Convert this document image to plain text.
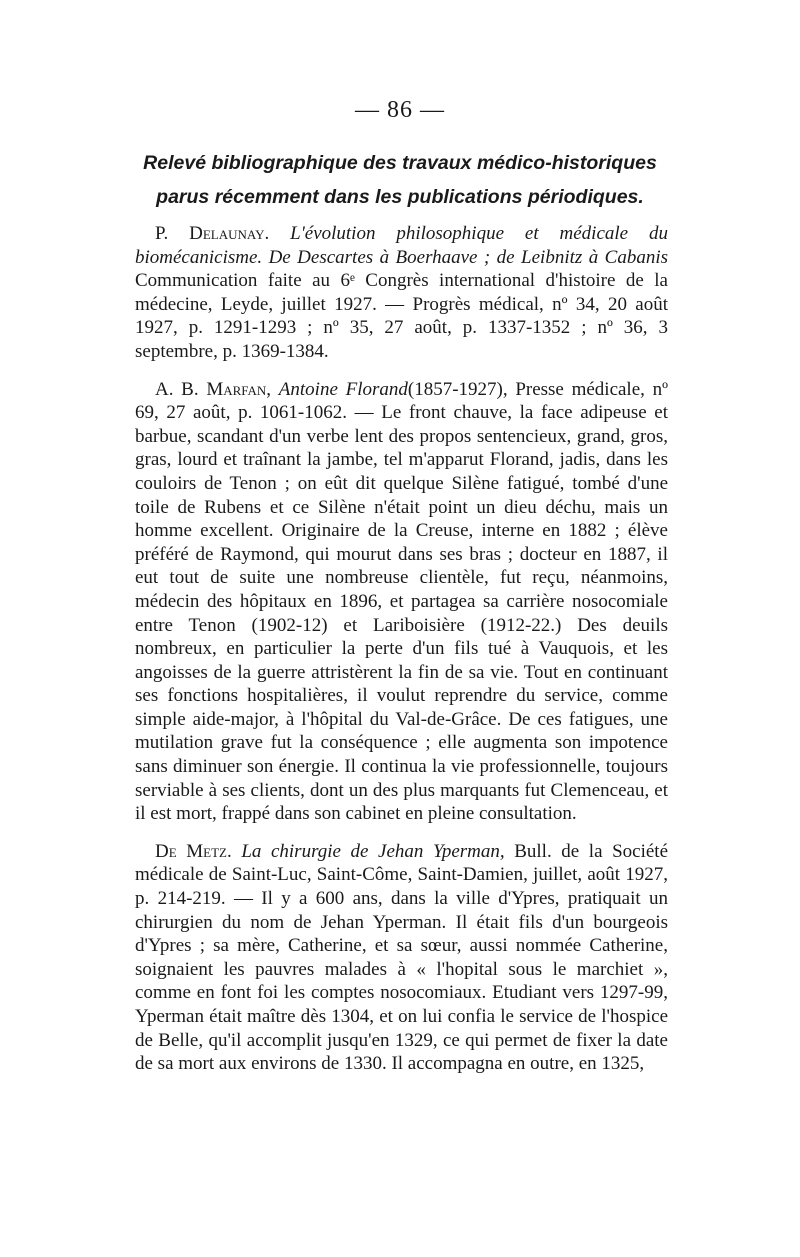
— 86 —
Relevé bibliographique des travaux médico-historiques
parus récemment dans les publications périodiques.

P. Delaunay. L'évolution philosophique et médicale du biomécanicisme. De Descartes à Boerhaave ; de Leibnitz à Cabanis Communication faite au 6ᵉ Congrès international d'histoire de la médecine, Leyde, juillet 1927. — Progrès médical, nº 34, 20 août 1927, p. 1291-1293 ; nº 35, 27 août, p. 1337-1352 ; nº 36, 3 septembre, p. 1369-1384.

A. B. Marfan, Antoine Florand(1857-1927), Presse médicale, nº 69, 27 août, p. 1061-1062. — Le front chauve, la face adipeuse et barbue, scandant d'un verbe lent des propos sentencieux, grand, gros, gras, lourd et traînant la jambe, tel m'apparut Florand, jadis, dans les couloirs de Tenon ; on eût dit quelque Silène fatigué, tombé d'une toile de Rubens et ce Silène n'était point un dieu déchu, mais un homme excellent. Originaire de la Creuse, interne en 1882 ; élève préféré de Raymond, qui mourut dans ses bras ; docteur en 1887, il eut tout de suite une nombreuse clientèle, fut reçu, néanmoins, médecin des hôpitaux en 1896, et partagea sa carrière nosocomiale entre Tenon (1902-12) et Lariboisière (1912-22.) Des deuils nombreux, en particulier la perte d'un fils tué à Vauquois, et les angoisses de la guerre attristèrent la fin de sa vie. Tout en continuant ses fonctions hospitalières, il voulut reprendre du service, comme simple aide-major, à l'hôpital du Val-de-Grâce. De ces fatigues, une mutilation grave fut la conséquence ; elle augmenta son impotence sans diminuer son énergie. Il continua la vie professionnelle, toujours serviable à ses clients, dont un des plus marquants fut Clemenceau, et il est mort, frappé dans son cabinet en pleine consultation.

De Metz. La chirurgie de Jehan Yperman, Bull. de la Société médicale de Saint-Luc, Saint-Côme, Saint-Damien, juillet, août 1927, p. 214-219. — Il y a 600 ans, dans la ville d'Ypres, pratiquait un chirurgien du nom de Jehan Yperman. Il était fils d'un bourgeois d'Ypres ; sa mère, Catherine, et sa sœur, aussi nommée Catherine, soignaient les pauvres malades à « l'hopital sous le marchiet », comme en font foi les comptes nosocomiaux. Etudiant vers 1297-99, Yperman était maître dès 1304, et on lui confia le service de l'hospice de Belle, qu'il accomplit jusqu'en 1329, ce qui permet de fixer la date de sa mort aux environs de 1330. Il accompagna en outre, en 1325,
